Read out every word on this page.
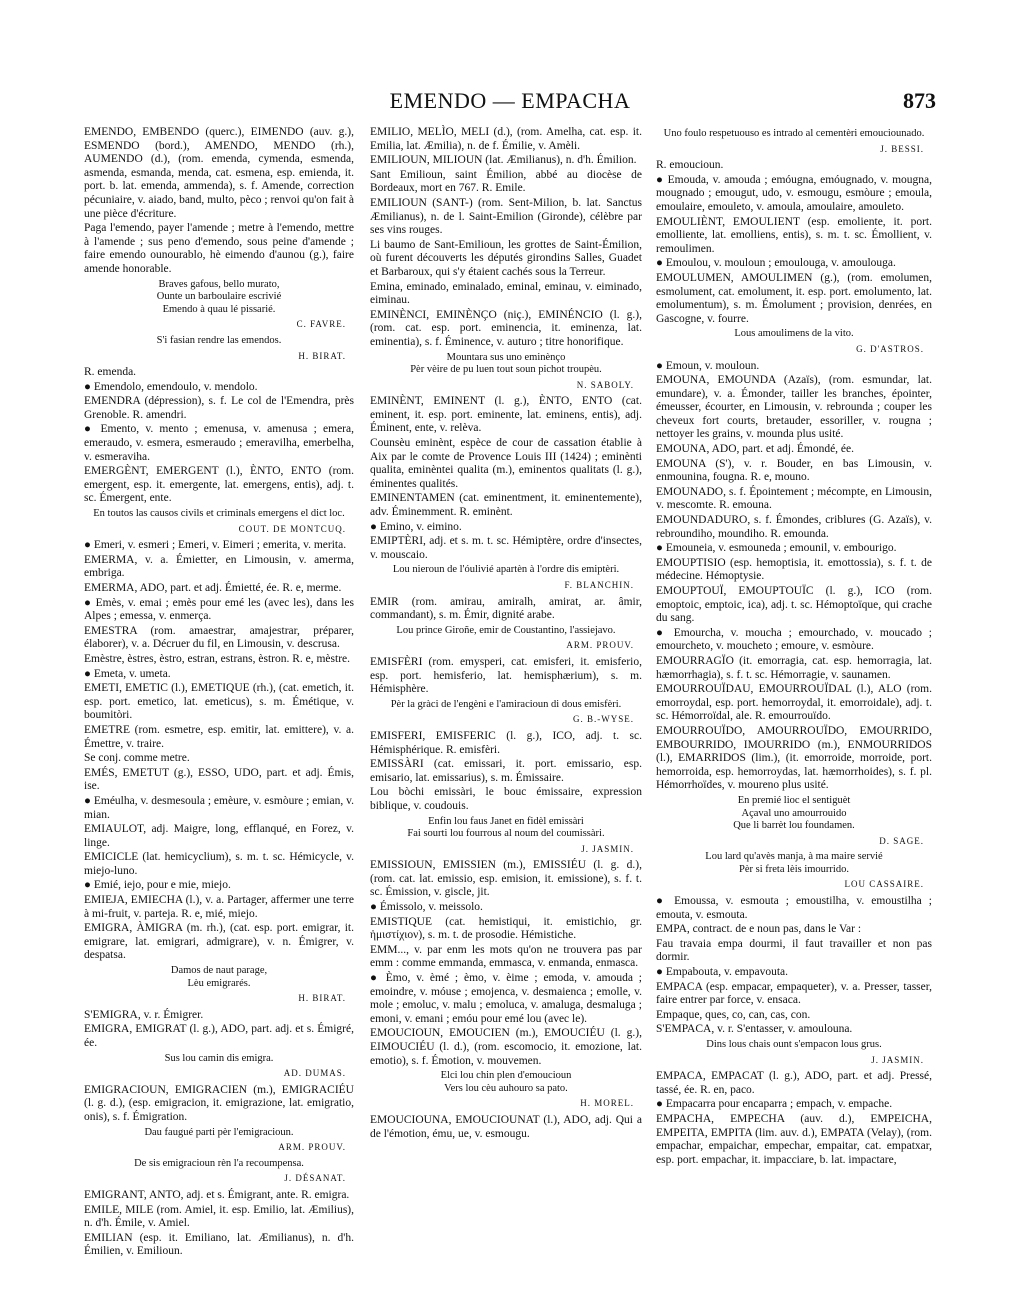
EMENDO — EMPACHA	873

EMENDO, EMBENDO (querc.), EIMENDO (auv. g.), ESMENDO (bord.), AMENDO, MENDO (rh.), AUMENDO (d.), (rom. emenda, cymenda, esmenda, asmenda, esmanda, menda, cat. esmena, esp. emienda, it. port. b. lat. emenda, ammenda), s. f. Amende, correction pécuniaire, v. aiado, band, multo, pèco ; renvoi qu'on fait à une pièce d'écriture.

Paga l'emendo, payer l'amende ; metre à l'emendo, mettre à l'amende ; sus peno d'emendo, sous peine d'amende ; faire emendo ounourablo, hè eimendo d'aunou (g.), faire amende honorable.

Braves gafous, bello murato,
Ounte un barboulaire escrivié
Emendo à quau lé pissarié.

C. FAVRE.

S'i fasian rendre las emendos.

H. BIRAT.

R. emenda.

● Emendolo, emendoulo, v. mendolo.

EMENDRA (dépression), s. f. Le col de l'Emendra, près Grenoble. R. amendri.

● Emento, v. mento ; emenusa, v. amenusa ; emera, emeraudo, v. esmera, esmeraudo ; emeravilha, emerbelha, v. esmeraviha.

EMERGÈNT, EMERGENT (l.), ÈNTO, ENTO (rom. emergent, esp. it. emergente, lat. emergens, entis), adj. t. sc. Émergent, ente.

En toutos las causos civils et criminals emergens el dict loc.

COUT. DE MONTCUQ.

● Emeri, v. esmeri ; Emeri, v. Eimeri ; emerita, v. merita.

EMERMA, v. a. Émietter, en Limousin, v. amerma, embriga.

EMERMA, ADO, part. et adj. Émietté, ée. R. e, merme.

● Emès, v. emai ; emès pour emé les (avec les), dans les Alpes ; emessa, v. enmerça.

EMESTRA (rom. amaestrar, amajestrar, préparer, élaborer), v. a. Décruer du fil, en Limousin, v. descrusa.

Emèstre, èstres, èstro, estran, estrans, èstron. R. e, mèstre.

● Emeta, v. umeta.

EMETI, EMETIC (l.), EMETIQUE (rh.), (cat. emetich, it. esp. port. emetico, lat. emeticus), s. m. Émétique, v. boumitòri.

EMETRE (rom. esmetre, esp. emitir, lat. emittere), v. a. Émettre, v. traire.

Se conj. comme metre.

EMÉS, EMETUT (g.), ESSO, UDO, part. et adj. Émis, ise.

● Eméulha, v. desmesoula ; emèure, v. esmòure ; emian, v. mian.

EMIAULOT, adj. Maigre, long, efflanqué, en Forez, v. linge.

EMICICLE (lat. hemicyclium), s. m. t. sc. Hémicycle, v. miejo-luno.

● Emié, iejo, pour e mie, miejo.

EMIEJA, EMIECHA (l.), v. a. Partager, affermer une terre à mi-fruit, v. parteja. R. e, mié, miejo.

EMIGRA, ÀMIGRA (m. rh.), (cat. esp. port. emigrar, it. emigrare, lat. emigrari, admigrare), v. n. Émigrer, v. despatsa.

Damos de naut parage,
Lèu emigrarés.

H. BIRAT.

S'EMIGRA, v. r. Émigrer.

EMIGRA, EMIGRAT (l. g.), ADO, part. adj. et s. Émigré, ée.

Sus lou camin dis emigra.

AD. DUMAS.

EMIGRACIOUN, EMIGRACIEN (m.), EMIGRACIÉU (l. g. d.), (esp. emigracion, it. emigrazione, lat. emigratio, onis), s. f. Émigration.

Dau faugué parti pèr l'emigracioun.

ARM. PROUV.

De sis emigracioun rèn l'a recoumpensa.

J. DÉSANAT.

EMIGRANT, ANTO, adj. et s. Émigrant, ante. R. emigra.

EMILE, MILE (rom. Amiel, it. esp. Emilio, lat. Æmilius), n. d'h. Émile, v. Amiel.

EMILIAN (esp. it. Emiliano, lat. Æmilianus), n. d'h. Émilien, v. Emilioun.

EMILIO, MELÌO, MELI (d.), (rom. Amelha, cat. esp. it. Emilia, lat. Æmilia), n. de f. Émilie, v. Amèli.

EMILIOUN, MILIOUN (lat. Æmilianus), n. d'h. Émilion.

Sant Emilioun, saint Émilion, abbé au diocèse de Bordeaux, mort en 767. R. Emile.

EMILIOUN (SANT-) (rom. Sent-Milion, b. lat. Sanctus Æmilianus), n. de l. Saint-Emilion (Gironde), célèbre par ses vins rouges.

Li baumo de Sant-Emilioun, les grottes de Saint-Émilion, où furent découverts les députés girondins Salles, Guadet et Barbaroux, qui s'y étaient cachés sous la Terreur.

Emina, eminado, eminalado, eminal, eminau, v. eiminado, eiminau.

EMINÈNCI, EMINÈNÇO (niç.), EMINÉNCIO (l. g.), (rom. cat. esp. port. eminencia, it. eminenza, lat. eminentia), s. f. Éminence, v. auturo ; titre honorifique.

Mountara sus uno eminènço
Pèr vèire de pu luen tout soun pichot troupèu.

N. SABOLY.

EMINÈNT, EMINENT (l. g.), ÈNTO, ENTO (cat. eminent, it. esp. port. eminente, lat. eminens, entis), adj. Éminent, ente, v. relèva.

Counsèu eminènt, espèce de cour de cassation établie à Aix par le comte de Provence Louis III (1424) ; eminènti qualita, eminèntei qualita (m.), eminentos qualitats (l. g.), éminentes qualités.

EMINENTAMEN (cat. eminentment, it. eminentemente), adv. Éminemment. R. eminènt.

● Emino, v. eimino.

EMIPTÈRI, adj. et s. m. t. sc. Hémiptère, ordre d'insectes, v. mouscaio.

Lou nieroun de l'óulivié apartèn à l'ordre dis emiptèri.

F. BLANCHIN.

EMIR (rom. amirau, amiralh, amirat, ar. âmir, commandant), s. m. Émir, dignité arabe.

Lou prince Giroñe, emir de Coustantino, l'assiejavo.

ARM. PROUV.

EMISFÈRI (rom. emysperi, cat. emisferi, it. emisferio, esp. port. hemisferio, lat. hemisphærium), s. m. Hémisphère.

Pèr la gràci de l'engèni e l'amiracioun di dous emisfèri.

G. B.-WYSE.

EMISFERI, EMISFERIC (l. g.), ICO, adj. t. sc. Hémisphérique. R. emisfèri.

EMISSÀRI (cat. emissari, it. port. emissario, esp. emisario, lat. emissarius), s. m. Émissaire.

Lou bòchi emissàri, le bouc émissaire, expression biblique, v. coudouis.

Enfin lou faus Janet en fidèl emissàri
Fai sourti lou fourrous al noum del coumissàri.

J. JASMIN.

EMISSIOUN, EMISSIEN (m.), EMISSIÉU (l. g. d.), (rom. cat. lat. emissio, esp. emision, it. emissione), s. f. t. sc. Émission, v. giscle, jit.

● Émissolo, v. meissolo.

EMISTIQUE (cat. hemistiqui, it. emistichio, gr. ἡμιστίχιον), s. m. t. de prosodie. Hémistiche.

EMM..., v. par enm les mots qu'on ne trouvera pas par emm : comme emmanda, emmasca, v. enmanda, enmasca.

● Èmo, v. èmé ; èmo, v. èime ; emoda, v. amouda ; emoindre, v. móuse ; emojenca, v. desmaienca ; emolle, v. mole ; emoluc, v. malu ; emoluca, v. amaluga, desmaluga ; emoni, v. emani ; emóu pour emé lou (avec le).

EMOUCIOUN, EMOUCIEN (m.), EMOUCIÉU (l. g.), EIMOUCIÉU (l. d.), (rom. escomocio, it. emozione, lat. emotio), s. f. Émotion, v. mouvemen.

Elci lou chin plen d'emoucioun
Vers lou cèu auhouro sa pato.

H. MOREL.

EMOUCIOUNA, EMOUCIOUNAT (l.), ADO, adj. Qui a de l'émotion, ému, ue, v. esmougu.

Uno foulo respetuouso es intrado al cementèri emouciounado.

J. BESSI.

R. emoucioun.

● Emouda, v. amouda ; emóugna, emóugnado, v. mougna, mougnado ; emougut, udo, v. esmougu, esmòure ; emoula, emoulaire, emouleto, v. amoula, amoulaire, amouleto.

EMOULIÈNT, EMOULIENT (esp. emoliente, it. port. emolliente, lat. emolliens, entis), s. m. t. sc. Émollient, v. remoulimen.

● Emoulou, v. mouloun ; emoulouga, v. amoulouga.

EMOULUMEN, AMOULIMEN (g.), (rom. emolumen, esmolument, cat. emolument, it. esp. port. emolumento, lat. emolumentum), s. m. Émolument ; provision, denrées, en Gascogne, v. fourre.

Lous amoulimens de la vito.

G. D'ASTROS.

● Emoun, v. mouloun.

EMOUNA, EMOUNDA (Azaïs), (rom. esmundar, lat. emundare), v. a. Émonder, tailler les branches, épointer, émeusser, écourter, en Limousin, v. rebrounda ; couper les cheveux fort courts, bretauder, essoriller, v. rougna ; nettoyer les grains, v. mounda plus usité.

EMOUNA, ADO, part. et adj. Émondé, ée.

EMOUNA (S'), v. r. Bouder, en bas Limousin, v. enmounina, fougna. R. e, mouno.

EMOUNADO, s. f. Épointement ; mécompte, en Limousin, v. mescomte. R. emouna.

EMOUNDADURO, s. f. Émondes, criblures (G. Azaïs), v. rebroundiho, moundiho. R. emounda.

● Emouneia, v. esmouneda ; emounil, v. embourigo.

EMOUPTISIO (esp. hemoptisia, it. emottossia), s. f. t. de médecine. Hémoptysie.

EMOUPTOUÏ, EMOUPTOUÏC (l. g.), ICO (rom. emoptoic, emptoic, ica), adj. t. sc. Hémoptoïque, qui crache du sang.

● Emourcha, v. moucha ; emourchado, v. moucado ; emourcheto, v. moucheto ; emoure, v. esmòure.

EMOURRAGÏO (it. emorragia, cat. esp. hemorragia, lat. hæmorrhagia), s. f. t. sc. Hémorragie, v. saunamen.

EMOURROUÏDAU, EMOURROUÏDAL (l.), ALO (rom. emorroydal, esp. port. hemorroydal, it. emorroidale), adj. t. sc. Hémorroïdal, ale. R. emourrouïdo.

EMOURROUÏDO, AMOURROUÏDO, EMOURRIDO, EMBOURRIDO, IMOURRIDO (m.), ENMOURRIDOS (l.), EMARRIDOS (lim.), (it. emorroide, morroide, port. hemorroida, esp. hemorroydas, lat. hæmorrhoides), s. f. pl. Hémorrhoïdes, v. moureno plus usité.

En premié lioc el sentiguèt
Açaval uno amourrouido
Que li barrèt lou foundamen.

D. SAGE.

Lou lard qu'avès manja, à ma maire servié
Pèr si freta lèis imourrido.

LOU CASSAIRE.

● Emoussa, v. esmouta ; emoustilha, v. emoustilha ; emouta, v. esmouta.

EMPA, contract. de e noun pas, dans le Var :

Fau travaia empa dourmi, il faut travailler et non pas dormir.

● Empabouta, v. empavouta.

EMPACA (esp. empacar, empaqueter), v. a. Presser, tasser, faire entrer par force, v. ensaca.

Empaque, ques, co, can, cas, con.

S'EMPACA, v. r. S'entasser, v. amoulouna.

Dins lous chais ount s'empacon lous grus.

J. JASMIN.

EMPACA, EMPACAT (l. g.), ADO, part. et adj. Pressé, tassé, ée. R. en, paco.

● Empacarra pour encaparra ; empach, v. empache.

EMPACHA, EMPECHA (auv. d.), EMPEICHA, EMPEITA, EMPITA (lim. auv. d.), EMPATA (Velay), (rom. empachar, empaichar, empechar, empaitar, cat. empatxar, esp. port. empachar, it. impacciare, b. lat. impactare,
